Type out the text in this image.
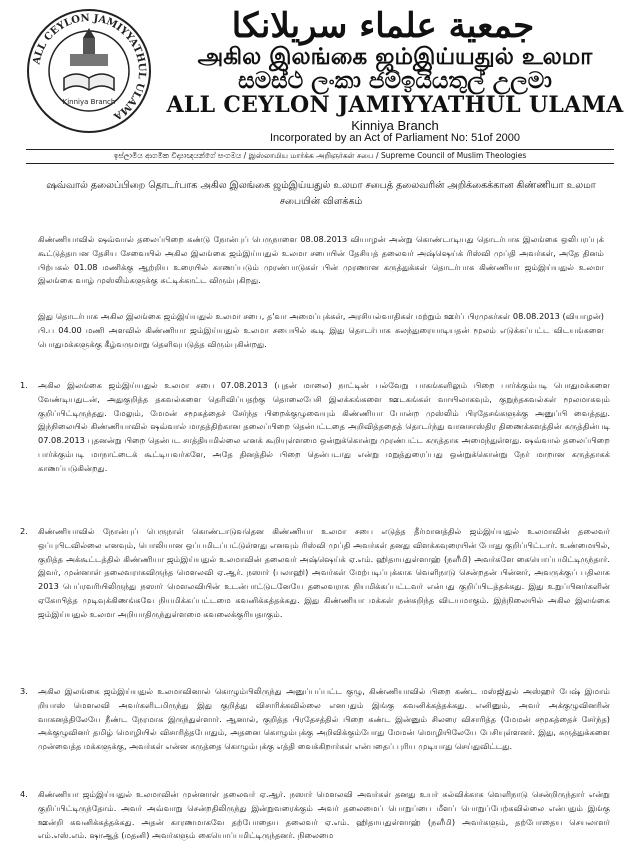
ALL CEYLON JAMIYYATHUL ULAMA
Kinniya Branch
جمعية علماء سريلانكا
அகில இலங்கை ஜம்இய்யதுல் உலமா
සමස්ථ ලංකා ජම්ඉයියතුල් උලමා
ALL CEYLON JAMIYYATHUL ULAMA
Kinniya Branch
Incorporated by an Act of Parliament No: 51of 2000
ඉස්ලාමීය ආගමික විද්‍යාඥයන්ගේ සංගමය / இஸ்லாமிய மார்க்க அறிஞர்கள் சபை / Supreme Council of Muslim Theologies
ஷவ்வால் தலைப்பிறை தொடர்பாக அகில இலங்கை ஜம்இய்யதுல் உலமா சபைத் தலைவரின் அறிக்கைக்கான கிண்ணியா உலமா சபையின் விளக்கம்
கிண்ணியாவில் ஷவ்வால் தலைப்பிறை கண்டு நோன்புப் பெருநாளை 08.08.2013 வியாழன் அன்று கொண்டாடியது தொடர்பாக இலங்கை ஒலிபரப்புக் கூட்டுத்தாபன தேசிய சேவையில் அகில இலங்கை ஜம்இய்யதுல் உலமா சபையின் தேசியத் தலைவர் அஷ்ஷெய்க் ரிஸ்வி முப்தி அவர்கள், அதே தினம் பிற்பகல் 01.08 மணிக்கு ஆற்றிய உரையில் காணப்படும் முரண்பாடுகள் பின் முரணான கருத்துக்கள் தொடர்பாக கிண்ணியா ஜம்இய்யதுல் உலமா இலங்கை வாழ் முஸ்லிம்களுக்கு சுட்டிக்காட்ட விரும்புகிறது.
இது தொடர்பாக அகில இலங்கை ஜம்இய்யதுல் உலமா சபை, த'வா அமைப்புக்கள், அரசியல்வாதிகள் மற்றும் ஊர்ப் பிரமுகர்கள் 08.08.2013 (வியாழன்) பி.ப 04.00 மணி அளவில் கிண்ணியா ஜம்இய்யதுல் உலமா சபையில் கூடி இது தொடர்பாக கலந்துரையாடியதன் மூலம் எடுக்கப்பட்ட விடயங்களை பொதுமக்களுக்கு கீழ்வருமாறு தெளிவுபடுத்த விரும்புகின்றது.
1.	அகில இலங்கை ஜம்இய்யதுல் உலமா சபை 07.08.2013 (புதன் மாலை) நாட்டின் பல்வேறு பாகங்களிலும் பிறை பார்க்கும்படி பொதுமக்களை வேண்டியதுடன், அதுகுறித்த தகவல்களை தெரிவிப்பதற்கு தொலைபேசி இலக்கங்களை ஊடகங்கள் வாயிலாகவும், குறுந்தகவல்கள் மூலமாகவும் குறிப்பிட்டிருந்தது. மேலும், மேமன் சமூகத்தைச் சேர்ந்த பிறைக்குழுவையும் கிண்ணியா போன்ற முஸ்லிம் பிரதேசங்களுக்கு அனுப்பி வைத்தது. இந்நிலையில் கிண்ணியாவில் ஷவ்வால் மாதத்திற்கான தலைப்பிறை தென்பட்டதை அறிவித்ததைத் தொடர்ந்து வானசாஸ்திர திணைக்களத்தின் கருத்தின்படி 07.08.2013 புதனன்று பிறை தென்பட சாத்தியமில்லை எனக் கூறியுள்ளமை ஒன்றுக்கொன்று முரண்பட்ட கருத்தாக அமைந்துள்ளது. ஷவ்வால் தலைப்பிறை பார்க்கும்படி மாநாட்டைக் கூட்டியவர்களே, அதே தினத்தில் பிறை தென்படாது என்று மறுத்துரைப்பது ஒன்றுக்கொன்று நேர் மாறான கருத்தாகக் காணப்படுகின்றது.
2.	கிண்ணியாவில் நோன்புப் பெருநாள் கொண்டாடுவதென கிண்ணியா உலமா சபை எடுத்த தீர்மானத்தில் ஜம்இய்யதுல் உலமாவின் தலைவர் ஒப்புபிடவில்லை எனவும், பொலியான ஒப்பமிடப்பட்டுள்ளது எனவும் ரிஸ்வி முப்தி அவர்கள் தனது விளக்கவுரையின் போது குறிப்பிட்டார். உண்மையில், குறித்த அக்கூட்டத்தில் கிண்ணியா ஜம்இய்யதுல் உலமாவின் தலைவர் அஷ்ஷெய்க் ஏ.எம். ஹிதாயதுள்ளாஹ் (நளீமி) அவர்களே கையொப்பமிட்டிருந்தார். இவர், முன்னாள் தலைவராகவிருந்த மௌலவி ஏ.ஆர். நஸார் (பலாஹி) அவர்கள் மேற்படிப்புக்காக வெளிநாடு சென்றதன் பின்னர், அவருக்குப் பதிலாக 2013 பெப்ரவரியிலிருந்து நஸார் மௌலவியின் உடன்பாட்டுடனேயே தலைவராக நியமிக்கப்பட்டவர் என்பது குறிப்பிடத்தக்கது. இது உறுப்பினர்களின் ஏகோபித்த முடிவுக்கிணங்கவே நியமிக்கப்பட்டமை கவனிக்கத்தக்கது. இது கிண்ணியா மக்கள் நன்கறிந்த விடயமாகும். இந்நிலையில் அகில இலங்கை ஜம்இய்யதுல் உலமா அறியாதிருந்துள்ளமை கவலைக்குரியதாகும்.
3.	அகில இலங்கை ஜம்இய்யதுல் உலமாவினால் கொழும்பிலிருந்து அனுப்பப்பட்ட குழு, கிண்ணியாவில் பிறை கண்ட மஸ்ஜிதுல் அஸ்ஹர் பேஷ் இமாம் றியாஸ் மௌலவி அவர்களிடமிருந்து இது குறித்து விசாரிக்கவில்லை எனபதும் இங்கு கவனிக்கத்தக்கது. எனினும், அவர் அக்குழுவினரின் வாகனத்திலேயே நீண்ட நேரமாக இருந்துள்ளார். ஆனால், குறித்த பிரதேசத்தில் பிறை கண்ட இன்னும் சிலரை விசாரித்த (மேமன் சமூகத்தைச் சேர்ந்த) அக்குழுவினர் தமிழ் மொழியில் விசாரித்தபோதும், அதனை கொழும்புக்கு அறிவிக்கும்போது மேமன் மொழியிலேயே பேசியுள்ளனர். இது, கருத்துக்களை முன்வைத்த மக்களுக்கு, அவர்கள் என்ன கருத்தை கொழும்புக்கு எத்தி வைக்கிறார்கள் என்பதைப் புரிய முடியாது செய்துவிட்டது.
4.	கிண்ணியா ஜம்இய்யதுல் உலமாவின் முன்னாள் தலைவர் ஏ.ஆர். நஸார் மௌலவி அவர்கள் தனது உயர் கல்விக்காக வெளிநாடு சென்றிருந்தார் என்று குறிப்பிட்டிருந்தோம். அவர் அவ்வாறு சென்றதிலிருந்து இன்றுவரைக்கும் அவர் தலைமைப் பொறுப்பை மீளப் பொறுப்பேற்கவில்லை என்பதும் இங்கு ஊன்றி கவனிக்கத்தக்கது. அதன் காரணமாகவே தற்போதைய தலைவர் ஏ.எம். ஹிதாயதுள்ளாஹ் (நளீமி) அவர்களும், தற்போதைய செயலாளர் எம்.எஸ்.எம். ஷாஆத் (மதனி) அவர்களும் கையொப்பமிட்டிருந்தனர். நிலைமை
